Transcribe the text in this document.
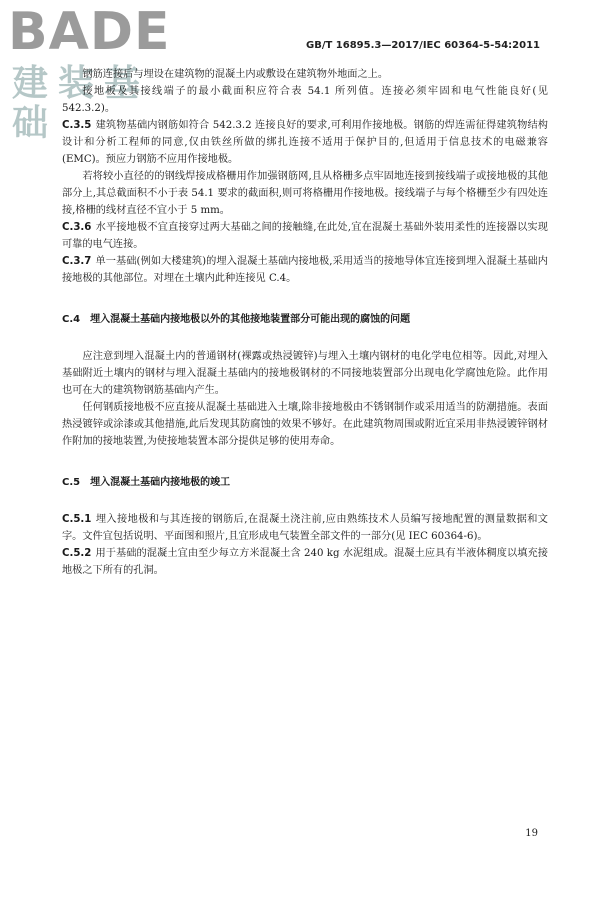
BADE
建装基础
GB/T 16895.3—2017/IEC 60364-5-54:2011

钢筋连接后与埋设在建筑物的混凝土内或敷设在建筑物外地面之上。

接地板及其接线端子的最小截面积应符合表 54.1 所列值。连接必须牢固和电气性能良好(见 542.3.2)。

C.3.5 建筑物基础内钢筋如符合 542.3.2 连接良好的要求,可利用作接地极。钢筋的焊连需征得建筑物结构设计和分析工程师的同意,仅由铁丝所做的绑扎连接不适用于保护目的,但适用于信息技术的电磁兼容(EMC)。预应力钢筋不应用作接地极。

若将较小直径的的钢线焊接成格栅用作加强钢筋网,且从格栅多点牢固地连接到接线端子或接地极的其他部分上,其总截面积不小于表 54.1 要求的截面积,则可将格栅用作接地极。接线端子与每个格栅至少有四处连接,格栅的线材直径不宜小于 5 mm。

C.3.6 水平接地极不宜直接穿过两大基础之间的接触缝,在此处,宜在混凝土基础外装用柔性的连接器以实现可靠的电气连接。

C.3.7 单一基础(例如大楼建筑)的埋入混凝土基础内接地极,采用适当的接地导体宜连接到埋入混凝土基础内接地极的其他部位。对埋在土壤内此种连接见 C.4。

C.4　埋入混凝土基础内接地极以外的其他接地装置部分可能出现的腐蚀的问题

应注意到埋入混凝土内的普通钢材(裸露或热浸镀锌)与埋入土壤内钢材的电化学电位相等。因此,对埋入基础附近土壤内的钢材与埋入混凝土基础内的接地极钢材的不同接地装置部分出现电化学腐蚀危险。此作用也可在大的建筑物钢筋基础内产生。

任何钢质接地极不应直接从混凝土基础进入土壤,除非接地极由不锈钢制作或采用适当的防潮措施。表面热浸镀锌或涂漆或其他措施,此后发现其防腐蚀的效果不够好。在此建筑物周围或附近宜采用非热浸镀锌钢材作附加的接地装置,为使接地装置本部分提供足够的使用寿命。

C.5　埋入混凝土基础内接地极的竣工

C.5.1 埋入接地极和与其连接的钢筋后,在混凝土浇注前,应由熟练技术人员编写接地配置的测量数据和文字。文件宜包括说明、平面图和照片,且宜形成电气装置全部文件的一部分(见 IEC 60364-6)。

C.5.2 用于基础的混凝土宜由至少每立方米混凝土含 240 kg 水泥组成。混凝土应具有半液体稠度以填充接地极之下所有的孔洞。

19
